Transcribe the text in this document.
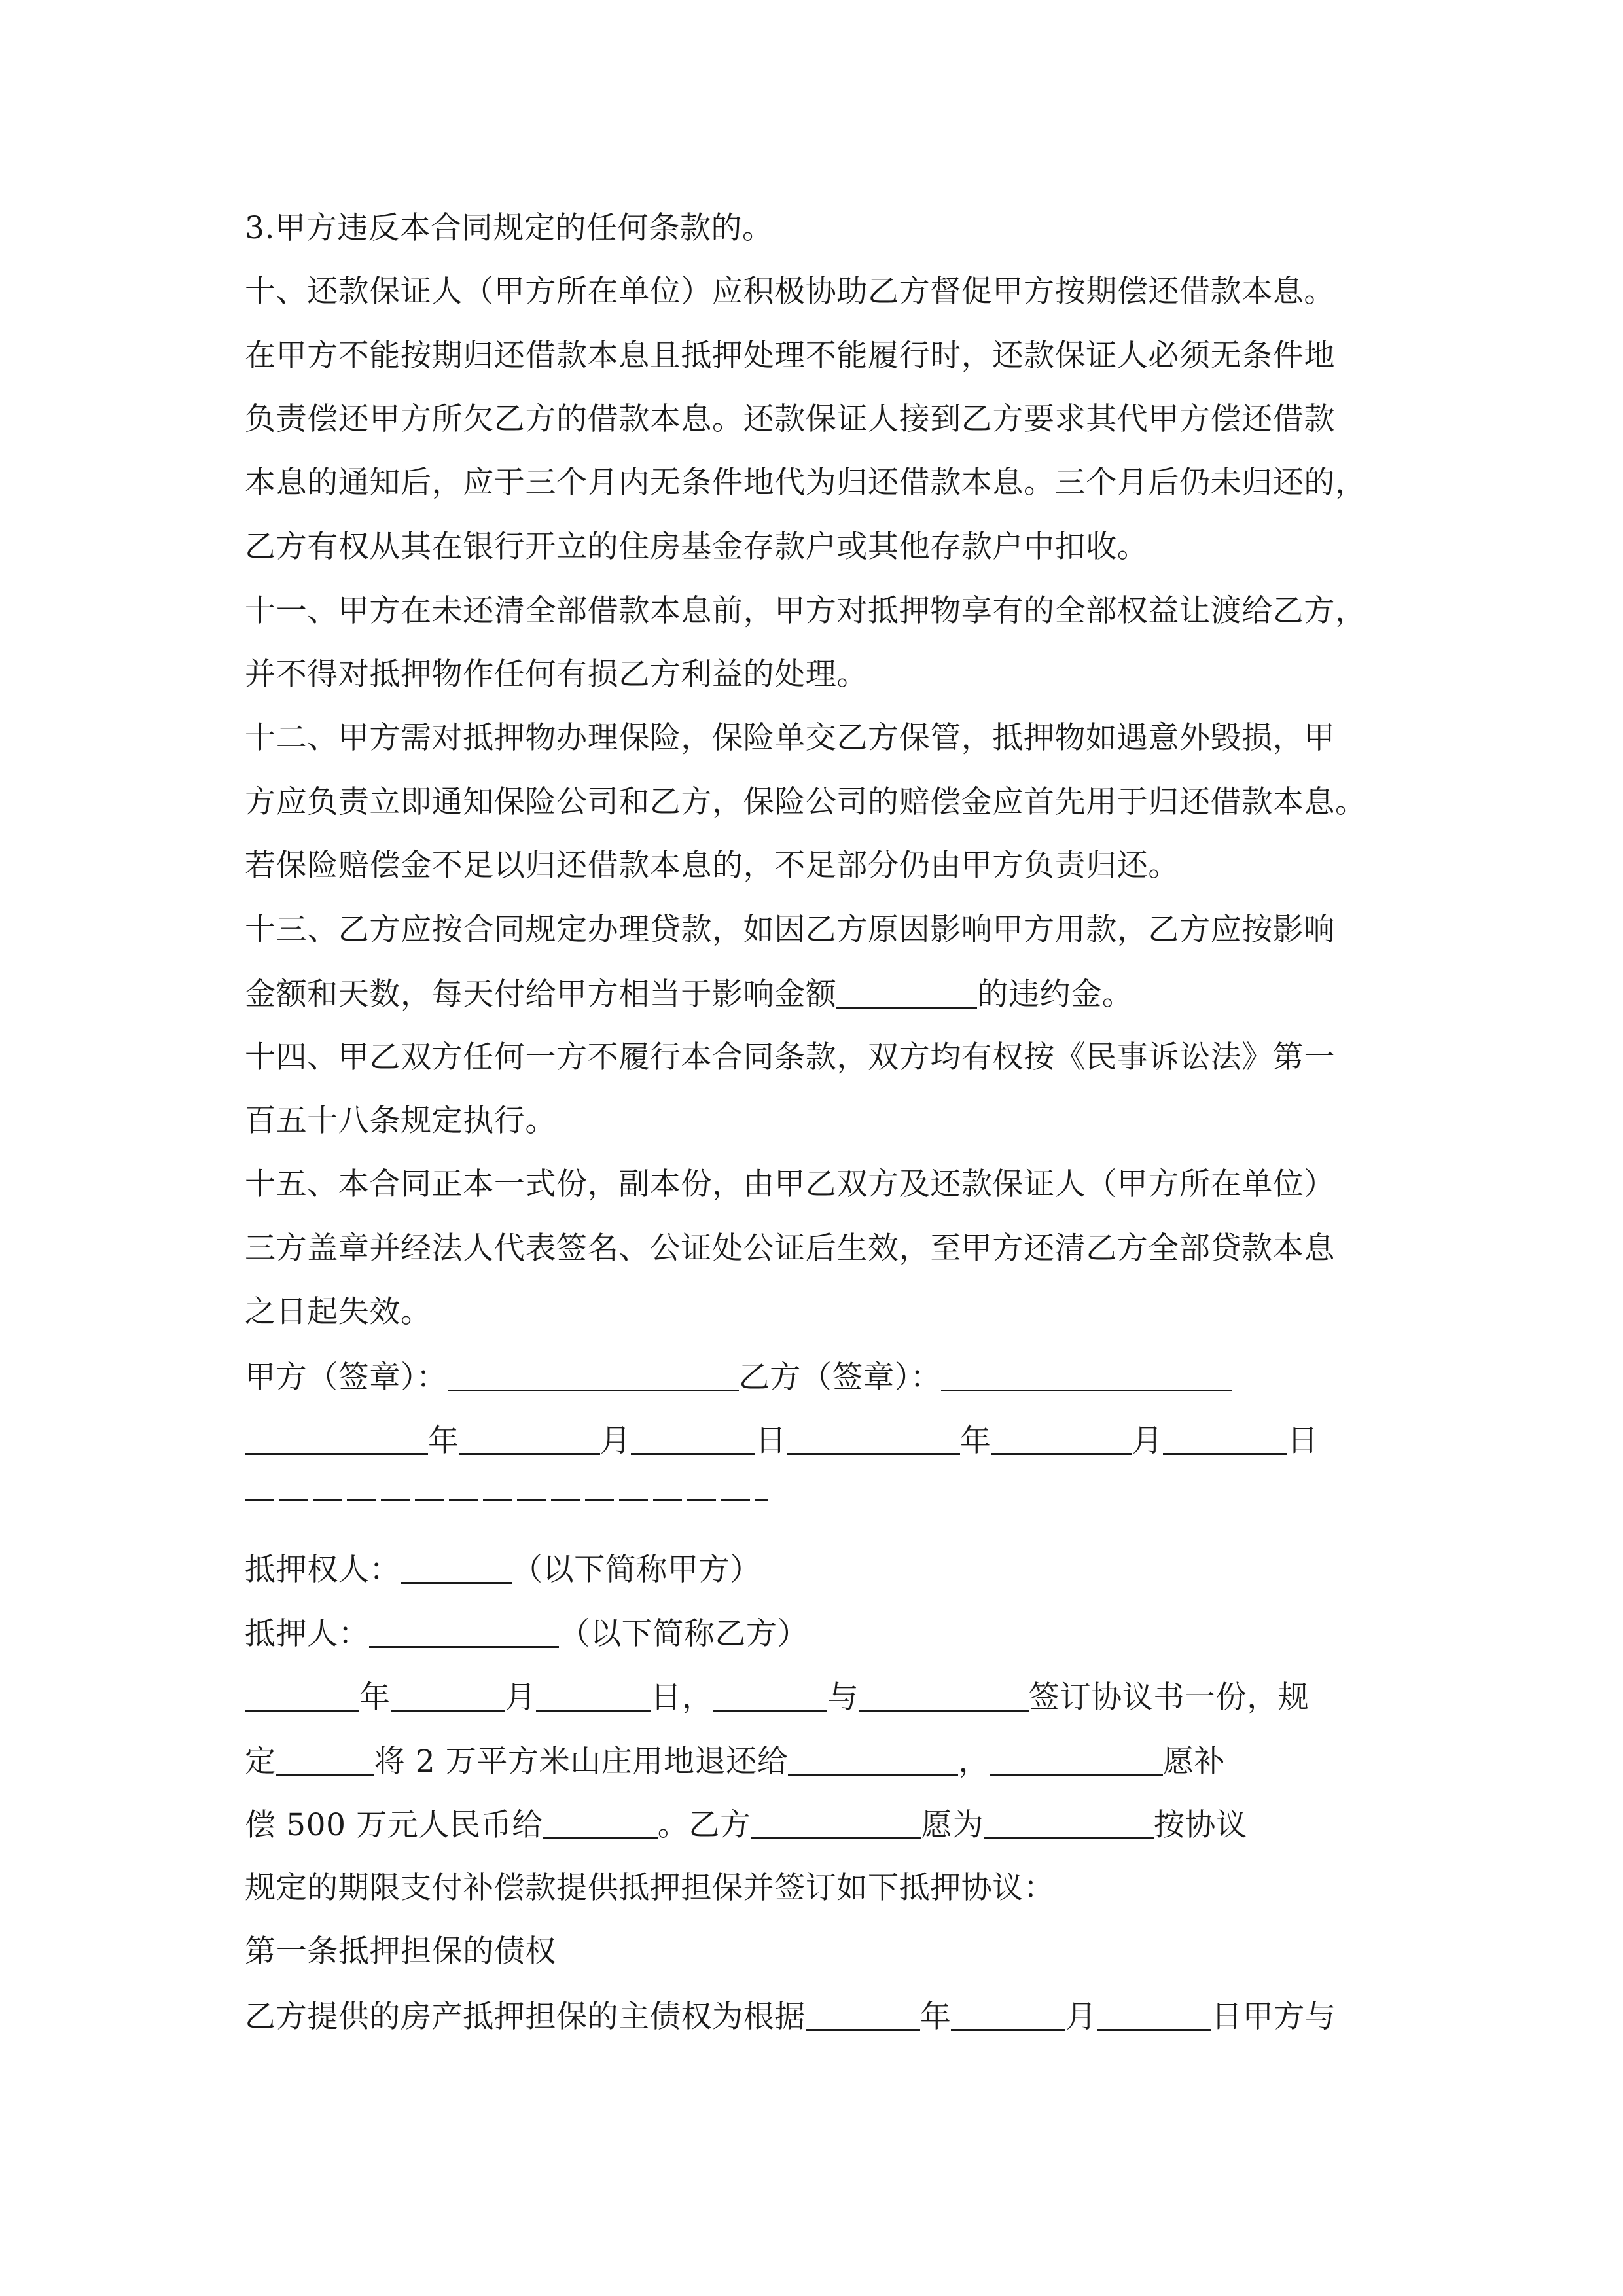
3.甲方违反本合同规定的任何条款的。
十、还款保证人（甲方所在单位）应积极协助乙方督促甲方按期偿还借款本息。
在甲方不能按期归还借款本息且抵押处理不能履行时，还款保证人必须无条件地
负责偿还甲方所欠乙方的借款本息。还款保证人接到乙方要求其代甲方偿还借款
本息的通知后，应于三个月内无条件地代为归还借款本息。三个月后仍未归还的，
乙方有权从其在银行开立的住房基金存款户或其他存款户中扣收。
十一、甲方在未还清全部借款本息前，甲方对抵押物享有的全部权益让渡给乙方，
并不得对抵押物作任何有损乙方利益的处理。
十二、甲方需对抵押物办理保险，保险单交乙方保管，抵押物如遇意外毁损，甲
方应负责立即通知保险公司和乙方，保险公司的赔偿金应首先用于归还借款本息。
若保险赔偿金不足以归还借款本息的，不足部分仍由甲方负责归还。
十三、乙方应按合同规定办理贷款，如因乙方原因影响甲方用款，乙方应按影响
金额和天数，每天付给甲方相当于影响金额	的违约金。
十四、甲乙双方任何一方不履行本合同条款，双方均有权按《民事诉讼法》第一
百五十八条规定执行。
十五、本合同正本一式份，副本份，由甲乙双方及还款保证人（甲方所在单位）
三方盖章并经法人代表签名、公证处公证后生效，至甲方还清乙方全部贷款本息
之日起失效。
甲方（签章）：	乙方（签章）：
年	月	日	年	月	日
抵押权人：	（以下简称甲方）
抵押人：	（以下简称乙方）
年	月	日，	与	签订协议书一份，规
定	将 2 万平方米山庄用地退还给	，	愿补
偿 500 万元人民币给	。乙方	愿为	按协议
规定的期限支付补偿款提供抵押担保并签订如下抵押协议：
第一条抵押担保的债权
乙方提供的房产抵押担保的主债权为根据	年	月	日甲方与
